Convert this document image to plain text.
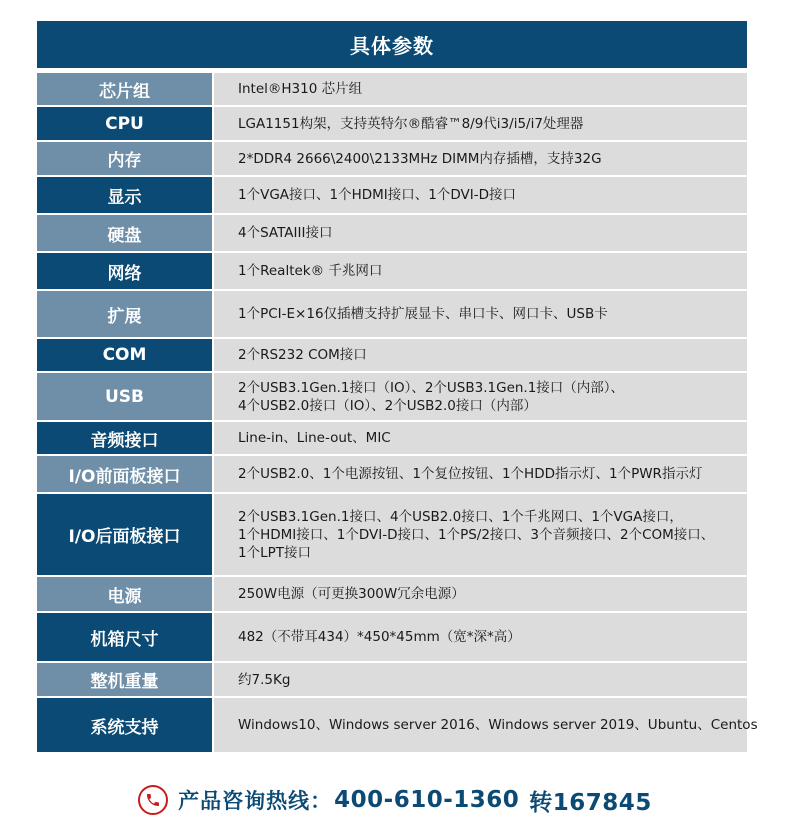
具体参数
芯片组	Intel®H310 芯片组

CPU	LGA1151构架，支持英特尔®酷睿™8/9代i3/i5/i7处理器

内存	2*DDR4 2666\2400\2133MHz DIMM内存插槽，支持32G

显示	1个VGA接口、1个HDMI接口、1个DVI-D接口

硬盘	4个SATAIII接口

网络	1个Realtek® 千兆网口

扩展	1个PCI-E×16仅插槽支持扩展显卡、串口卡、网口卡、USB卡

COM	2个RS232 COM接口

USB	2个USB3.1Gen.1接口（IO）、2个USB3.1Gen.1接口（内部）、
4个USB2.0接口（IO）、2个USB2.0接口（内部）

音频接口	Line-in、Line-out、MIC

I/O前面板接口	2个USB2.0、1个电源按钮、1个复位按钮、1个HDD指示灯、1个PWR指示灯

I/O后面板接口	2个USB3.1Gen.1接口、4个USB2.0接口、1个千兆网口、1个VGA接口，
1个HDMI接口、1个DVI-D接口、1个PS/2接口、3个音频接口、2个COM接口、
1个LPT接口

电源	250W电源（可更换300W冗余电源）

机箱尺寸	482（不带耳434）*450*45mm（宽*深*高）

整机重量	约7.5Kg

系统支持	Windows10、Windows server 2016、Windows server 2019、Ubuntu、Centos
产品咨询热线： 400-610-1360 转167845
